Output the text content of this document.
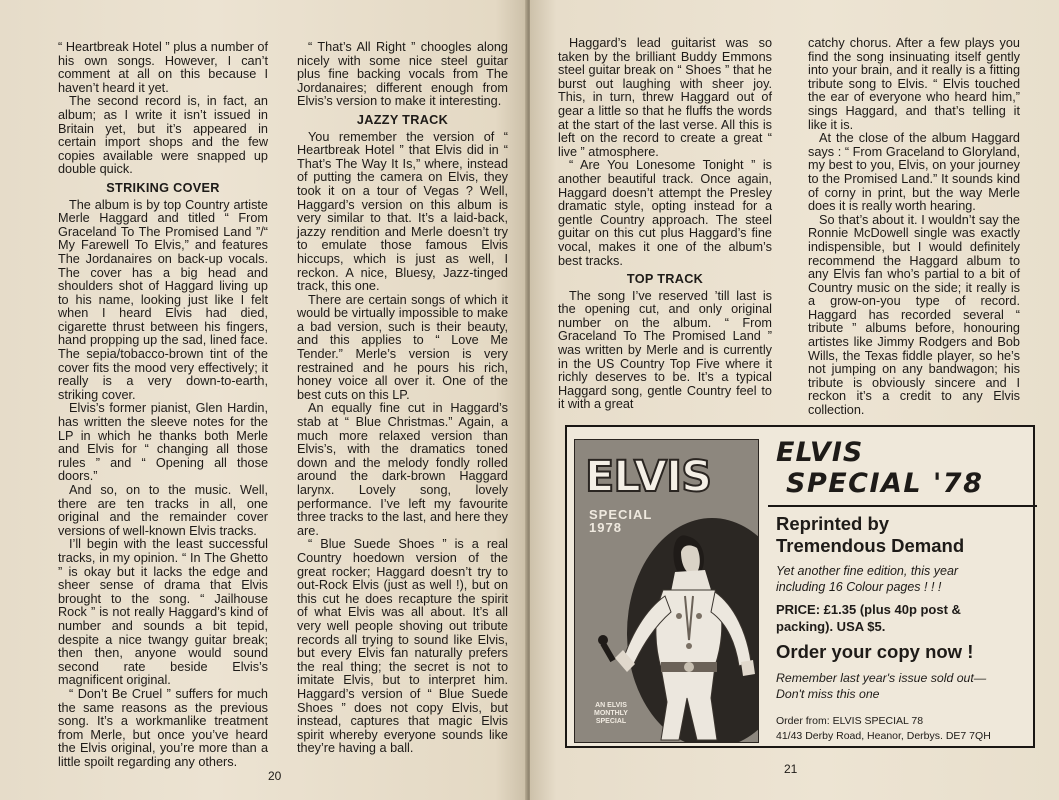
“ Heartbreak Hotel ” plus a number of his own songs. However, I can’t comment at all on this because I haven’t heard it yet.

The second record is, in fact, an album; as I write it isn’t issued in Britain yet, but it’s appeared in certain import shops and the few copies available were snapped up double quick.

STRIKING COVER

The album is by top Country artiste Merle Haggard and titled “ From Graceland To The Promised Land ”/“ My Farewell To Elvis,” and features The Jordanaires on back-up vocals. The cover has a big head and shoulders shot of Haggard living up to his name, looking just like I felt when I heard Elvis had died, cigarette thrust between his fingers, hand propping up the sad, lined face. The sepia/tobacco-brown tint of the cover fits the mood very effectively; it really is a very down-to-earth, striking cover.

Elvis’s former pianist, Glen Hardin, has written the sleeve notes for the LP in which he thanks both Merle and Elvis for “ changing all those rules ” and “ Opening all those doors.”

And so, on to the music. Well, there are ten tracks in all, one original and the remainder cover versions of well-known Elvis tracks.

I’ll begin with the least successful tracks, in my opinion. “ In The Ghetto ” is okay but it lacks the edge and sheer sense of drama that Elvis brought to the song. “ Jailhouse Rock ” is not really Haggard’s kind of number and sounds a bit tepid, despite a nice twangy guitar break; then then, anyone would sound second rate beside Elvis’s magnificent original.

“ Don’t Be Cruel ” suffers for much the same reasons as the previous song. It’s a workmanlike treatment from Merle, but once you’ve heard the Elvis original, you’re more than a little spoilt regarding any others.

“ That’s All Right ” choogles along nicely with some nice steel guitar plus fine backing vocals from The Jordanaires; different enough from Elvis’s version to make it interesting.

JAZZY TRACK

You remember the version of “ Heartbreak Hotel ” that Elvis did in “ That’s The Way It Is,” where, instead of putting the camera on Elvis, they took it on a tour of Vegas ? Well, Haggard’s version on this album is very similar to that. It’s a laid-back, jazzy rendition and Merle doesn’t try to emulate those famous Elvis hiccups, which is just as well, I reckon. A nice, Bluesy, Jazz-tinged track, this one.

There are certain songs of which it would be virtually impossible to make a bad version, such is their beauty, and this applies to “ Love Me Tender.” Merle’s version is very restrained and he pours his rich, honey voice all over it. One of the best cuts on this LP.

An equally fine cut in Haggard’s stab at “ Blue Christmas.” Again, a much more relaxed version than Elvis’s, with the dramatics toned down and the melody fondly rolled around the dark-brown Haggard larynx. Lovely song, lovely performance. I’ve left my favourite three tracks to the last, and here they are.

“ Blue Suede Shoes ” is a real Country hoedown version of the great rocker; Haggard doesn’t try to out-Rock Elvis (just as well !), but on this cut he does recapture the spirit of what Elvis was all about. It’s all very well people shoving out tribute records all trying to sound like Elvis, but every Elvis fan naturally prefers the real thing; the secret is not to imitate Elvis, but to interpret him. Haggard’s version of “ Blue Suede Shoes ” does not copy Elvis, but instead, captures that magic Elvis spirit whereby everyone sounds like they’re having a ball.

20

Haggard’s lead guitarist was so taken by the brilliant Buddy Emmons steel guitar break on “ Shoes ” that he burst out laughing with sheer joy. This, in turn, threw Haggard out of gear a little so that he fluffs the words at the start of the last verse. All this is left on the record to create a great “ live ” atmosphere.

“ Are You Lonesome Tonight ” is another beautiful track. Once again, Haggard doesn’t attempt the Presley dramatic style, opting instead for a gentle Country approach. The steel guitar on this cut plus Haggard’s fine vocal, makes it one of the album’s best tracks.

TOP TRACK

The song I’ve reserved ’till last is the opening cut, and only original number on the album. “ From Graceland To The Promised Land ” was written by Merle and is currently in the US Country Top Five where it richly deserves to be. It’s a typical Haggard song, gentle Country feel to it with a great

catchy chorus. After a few plays you find the song insinuating itself gently into your brain, and it really is a fitting tribute song to Elvis. “ Elvis touched the ear of everyone who heard him,” sings Haggard, and that’s telling it like it is.

At the close of the album Haggard says : “ From Graceland to Gloryland, my best to you, Elvis, on your journey to the Promised Land.” It sounds kind of corny in print, but the way Merle does it is really worth hearing.

So that’s about it. I wouldn’t say the Ronnie McDowell single was exactly indispensible, but I would definitely recommend the Haggard album to any Elvis fan who’s partial to a bit of Country music on the side; it really is a grow-on-you type of record. Haggard has recorded several “ tribute ” albums before, honouring artistes like Jimmy Rodgers and Bob Wills, the Texas fiddle player, so he’s not jumping on any bandwagon; his tribute is obviously sincere and I reckon it’s a credit to any Elvis collection.

ELVIS
SPECIAL 1978
AN ELVIS MONTHLY SPECIAL
ELVIS
SPECIAL '78
Reprinted by
Tremendous Demand
Yet another fine edition, this year
including 16 Colour pages ! ! !
PRICE: £1.35 (plus 40p post &
packing). USA $5.
Order your copy now !
Remember last year's issue sold out—
Don't miss this one
Order from: ELVIS SPECIAL 78
41/43 Derby Road, Heanor, Derbys. DE7 7QH
21
